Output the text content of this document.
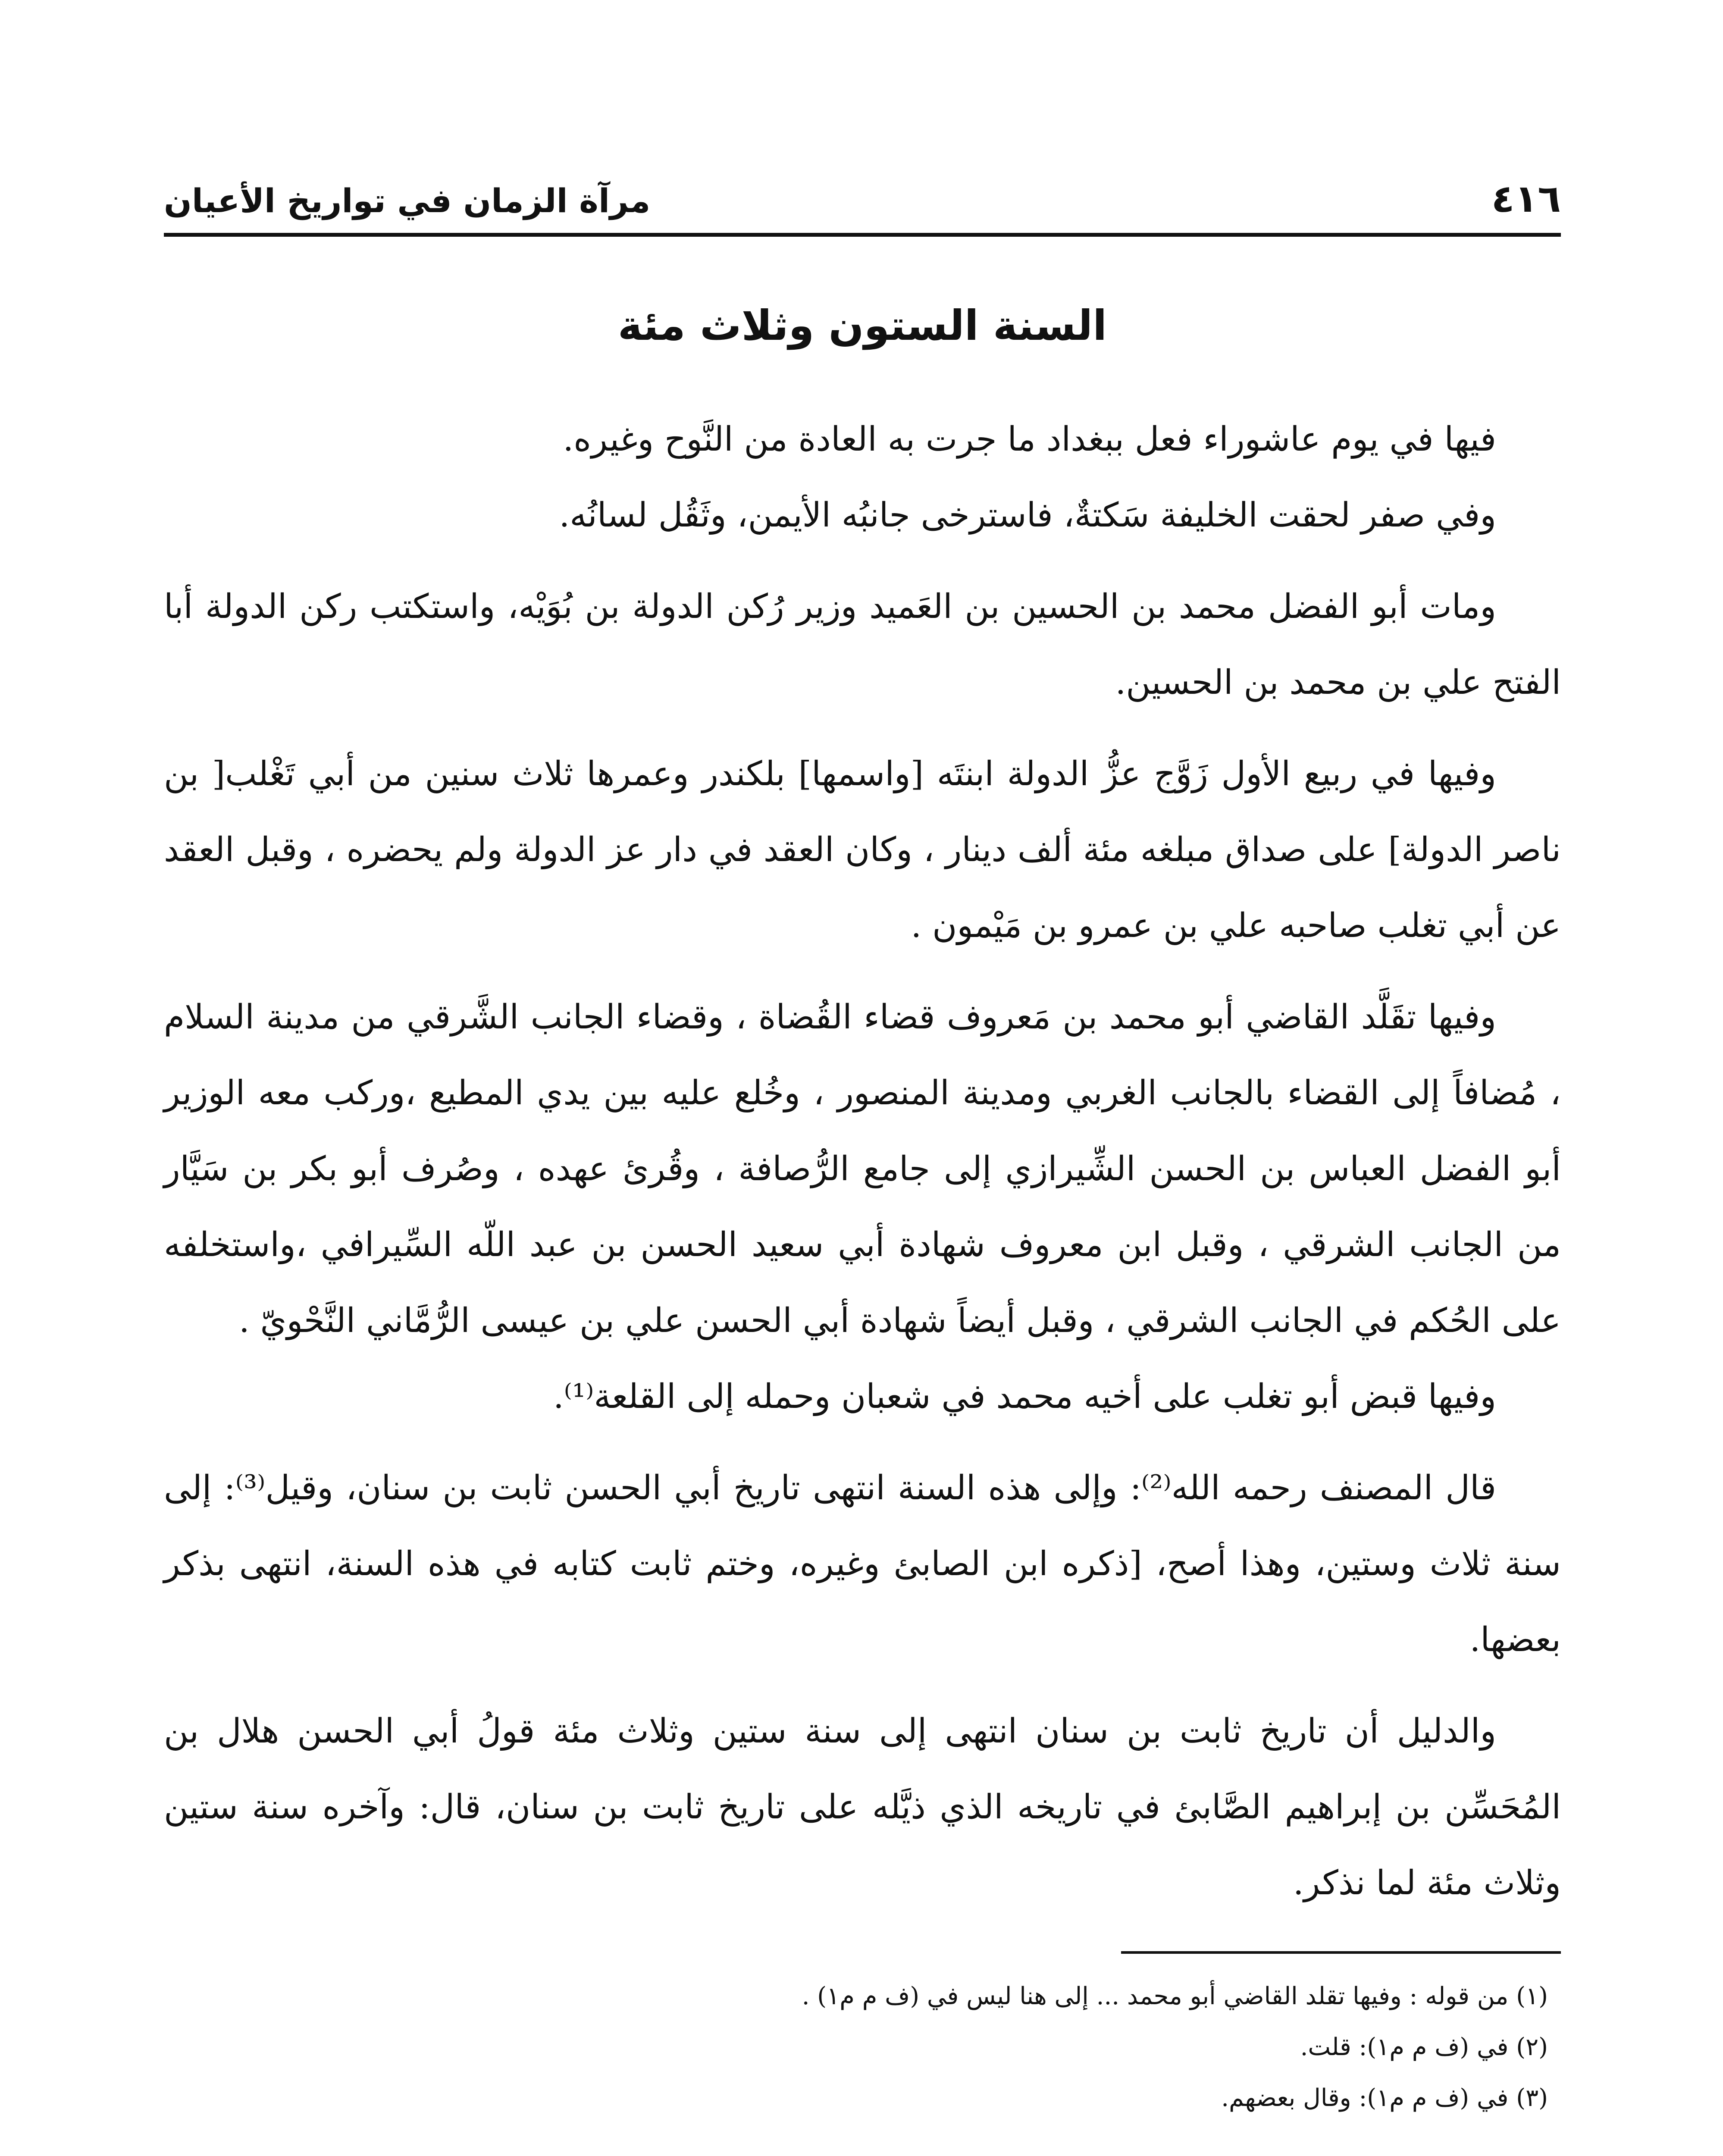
٤١٦
مرآة الزمان في تواريخ الأعيان
السنة الستون وثلاث مئة

فيها في يوم عاشوراء فعل ببغداد ما جرت به العادة من النَّوح وغيره.

وفي صفر لحقت الخليفة سَكتةٌ، فاسترخى جانبُه الأيمن، وثَقُل لسانُه.

ومات أبو الفضل محمد بن الحسين بن العَميد وزير رُكن الدولة بن بُوَيْه، واستكتب ركن الدولة أبا الفتح علي بن محمد بن الحسين.

وفيها في ربيع الأول زَوَّج عزُّ الدولة ابنتَه [واسمها] بلكندر وعمرها ثلاث سنين من أبي تَغْلب[ بن ناصر الدولة] على صداق مبلغه مئة ألف دينار ، وكان العقد في دار عز الدولة ولم يحضره ، وقبل العقد عن أبي تغلب صاحبه علي بن عمرو بن مَيْمون .

وفيها تقَلَّد القاضي أبو محمد بن مَعروف قضاء القُضاة ، وقضاء الجانب الشَّرقي من مدينة السلام ، مُضافاً إلى القضاء بالجانب الغربي ومدينة المنصور ، وخُلع عليه بين يدي المطيع ،وركب معه الوزير أبو الفضل العباس بن الحسن الشِّيرازي إلى جامع الرُّصافة ، وقُرئ عهده ، وصُرف أبو بكر بن سَيَّار من الجانب الشرقي ، وقبل ابن معروف شهادة أبي سعيد الحسن بن عبد اللّه السِّيرافي ،واستخلفه على الحُكم في الجانب الشرقي ، وقبل أيضاً شهادة أبي الحسن علي بن عيسى الرُّمَّاني النَّحْويّ .

وفيها قبض أبو تغلب على أخيه محمد في شعبان وحمله إلى القلعة⁽¹⁾.

قال المصنف رحمه الله⁽²⁾: وإلى هذه السنة انتهى تاريخ أبي الحسن ثابت بن سنان، وقيل⁽³⁾: إلى سنة ثلاث وستين، وهذا أصح، [ذكره ابن الصابئ وغيره، وختم ثابت كتابه في هذه السنة، انتهى بذكر بعضها.

والدليل أن تاريخ ثابت بن سنان انتهى إلى سنة ستين وثلاث مئة قولُ أبي الحسن هلال بن المُحَسِّن بن إبراهيم الصَّابئ في تاريخه الذي ذيَّله على تاريخ ثابت بن سنان، قال: وآخره سنة ستين وثلاث مئة لما نذكر.

(١) من قوله : وفيها تقلد القاضي أبو محمد ... إلى هنا ليس في (ف م م١) .

(٢) في (ف م م١): قلت.

(٣) في (ف م م١): وقال بعضهم.
